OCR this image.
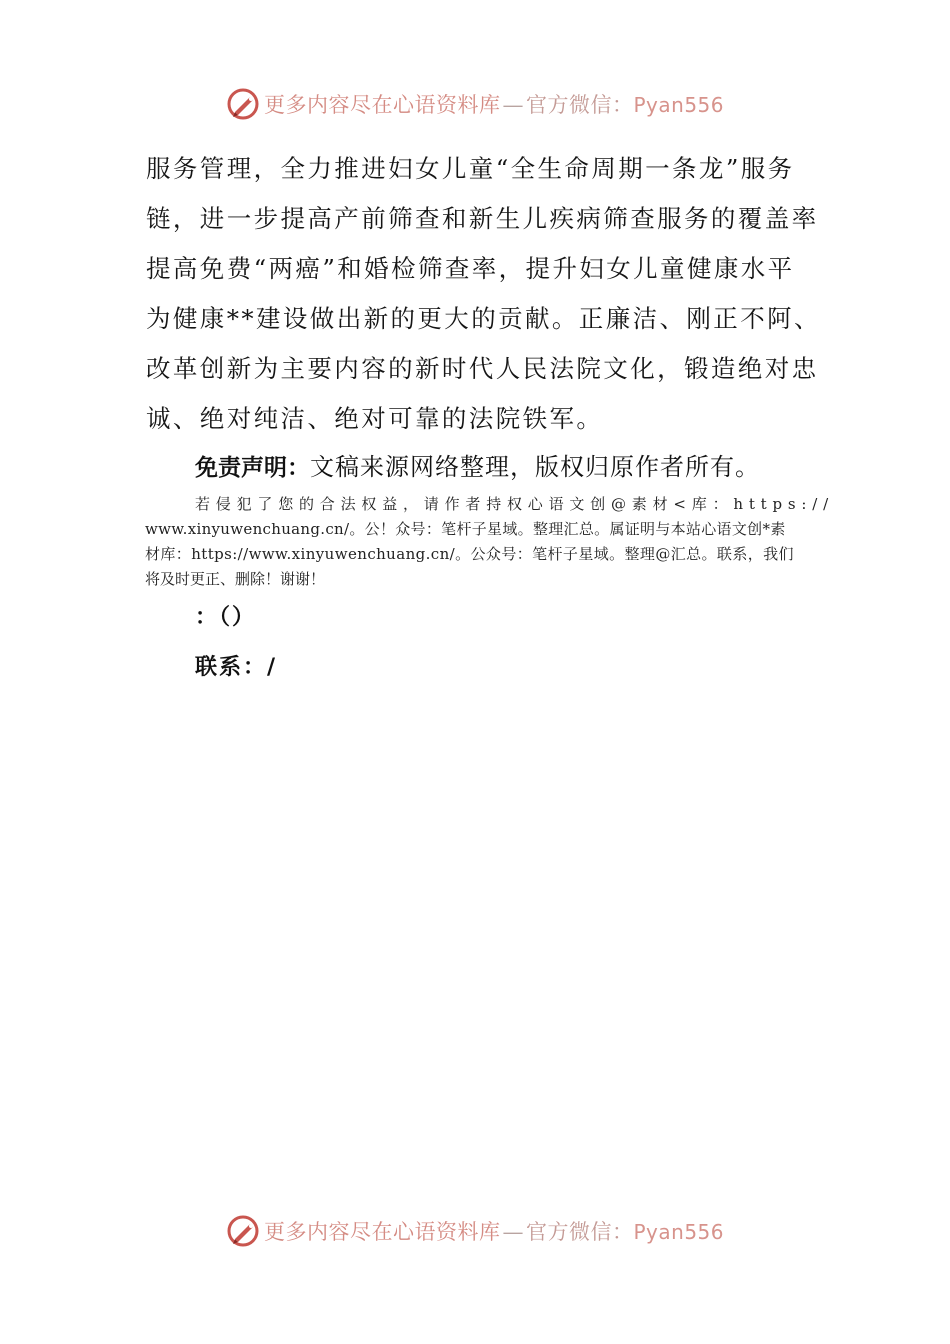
更多内容尽在心语资料库—官方微信：Pyan556
服务管理，全力推进妇女儿童“全生命周期一条龙”服务
链，进一步提高产前筛查和新生儿疾病筛查服务的覆盖率
提高免费“两癌”和婚检筛查率，提升妇女儿童健康水平
为健康**建设做出新的更大的贡献。正廉洁、刚正不阿、
改革创新为主要内容的新时代人民法院文化，锻造绝对忠
诚、绝对纯洁、绝对可靠的法院铁军。
免责声明：文稿来源网络整理，版权归原作者所有。
若侵犯了您的合法权益，请作者持权心语文创@素材<库：https://
www.xinyuwenchuang.cn/。公！众号：笔杆子星域。整理汇总。属证明与本站心语文创*素
材库：https://www.xinyuwenchuang.cn/。公众号：笔杆子星域。整理@汇总。联系，我们
将及时更正、删除！谢谢！
：（）
联系：/
更多内容尽在心语资料库—官方微信：Pyan556
